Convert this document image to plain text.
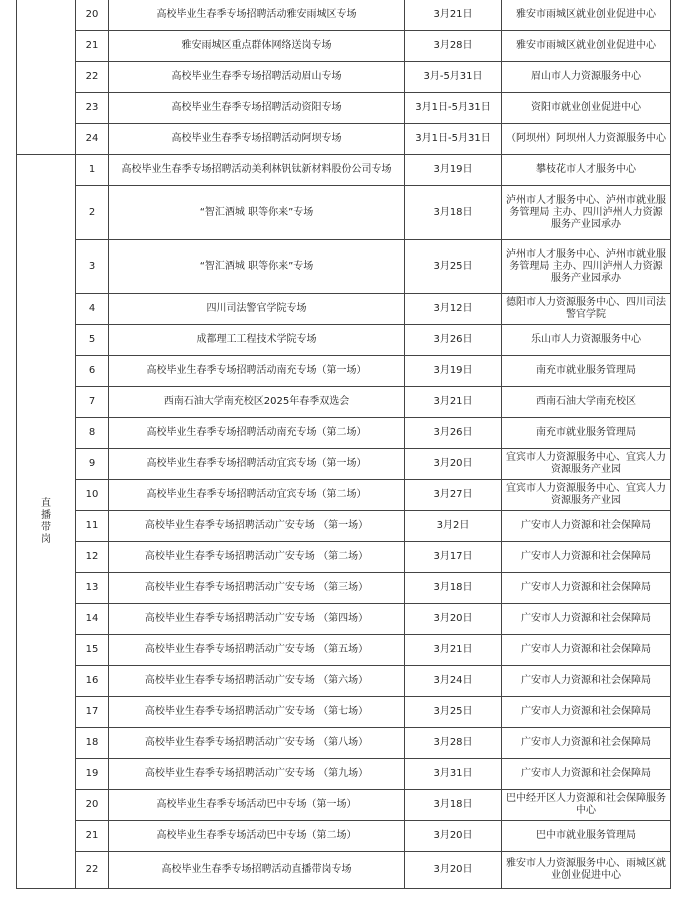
	20	高校毕业生春季专场招聘活动雅安雨城区专场	3月21日	雅安市雨城区就业创业促进中心
	21	雅安雨城区重点群体网络送岗专场	3月28日	雅安市雨城区就业创业促进中心
	22	高校毕业生春季专场招聘活动眉山专场	3月-5月31日	眉山市人力资源服务中心
	23	高校毕业生春季专场招聘活动资阳专场	3月1日-5月31日	资阳市就业创业促进中心
	24	高校毕业生春季专场招聘活动阿坝专场	3月1日-5月31日	（阿坝州）阿坝州人力资源服务中心

直
播
带
岗	1	高校毕业生春季专场招聘活动美利林钒钛新材料股份公司专场	3月19日	攀枝花市人才服务中心
	2	“智汇酒城 职等你来”专场	3月18日	泸州市人才服务中心、泸州市就业服务管理局 主办、四川泸州人力资源服务产业园承办
	3	“智汇酒城 职等你来”专场	3月25日	泸州市人才服务中心、泸州市就业服务管理局 主办、四川泸州人力资源服务产业园承办
	4	四川司法警官学院专场	3月12日	德阳市人力资源服务中心、四川司法警官学院
	5	成都理工工程技术学院专场	3月26日	乐山市人力资源服务中心
	6	高校毕业生春季专场招聘活动南充专场（第一场）	3月19日	南充市就业服务管理局
	7	西南石油大学南充校区2025年春季双选会	3月21日	西南石油大学南充校区
	8	高校毕业生春季专场招聘活动南充专场（第二场）	3月26日	南充市就业服务管理局
	9	高校毕业生春季专场招聘活动宜宾专场（第一场）	3月20日	宜宾市人力资源服务中心、宜宾人力资源服务产业园
	10	高校毕业生春季专场招聘活动宜宾专场（第二场）	3月27日	宜宾市人力资源服务中心、宜宾人力资源服务产业园
	11	高校毕业生春季专场招聘活动广安专场 （第一场）	3月2日	广安市人力资源和社会保障局
	12	高校毕业生春季专场招聘活动广安专场 （第二场）	3月17日	广安市人力资源和社会保障局
	13	高校毕业生春季专场招聘活动广安专场 （第三场）	3月18日	广安市人力资源和社会保障局
	14	高校毕业生春季专场招聘活动广安专场 （第四场）	3月20日	广安市人力资源和社会保障局
	15	高校毕业生春季专场招聘活动广安专场 （第五场）	3月21日	广安市人力资源和社会保障局
	16	高校毕业生春季专场招聘活动广安专场 （第六场）	3月24日	广安市人力资源和社会保障局
	17	高校毕业生春季专场招聘活动广安专场 （第七场）	3月25日	广安市人力资源和社会保障局
	18	高校毕业生春季专场招聘活动广安专场 （第八场）	3月28日	广安市人力资源和社会保障局
	19	高校毕业生春季专场招聘活动广安专场 （第九场）	3月31日	广安市人力资源和社会保障局
	20	高校毕业生春季专场活动巴中专场（第一场）	3月18日	巴中经开区人力资源和社会保障服务中心
	21	高校毕业生春季专场活动巴中专场（第二场）	3月20日	巴中市就业服务管理局
	22	高校毕业生春季专场招聘活动直播带岗专场	3月20日	雅安市人力资源服务中心、雨城区就业创业促进中心
